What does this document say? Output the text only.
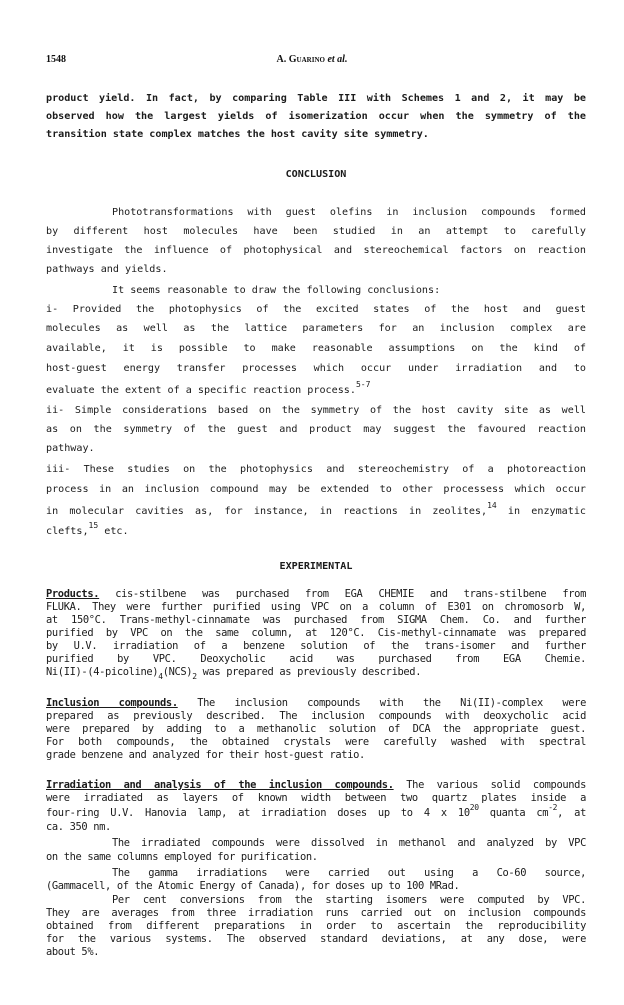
1548	A. Guarino et al.
product yield. In fact, by comparing Table III with Schemes 1 and 2, it may be
observed how the largest yields of isomerization occur when the symmetry of the
transition state complex matches the host cavity site symmetry.
CONCLUSION
Phototransformations with guest olefins in inclusion compounds formed
by different host molecules have been studied in an attempt to carefully
investigate the influence of photophysical and stereochemical factors on reaction
pathways and yields.
It seems reasonable to draw the following conclusions:
i- Provided the photophysics of the excited states of the host and guest
molecules as well as the lattice parameters for an inclusion complex are
available, it is possible to make reasonable assumptions on the kind of
host-guest energy transfer processes which occur under irradiation and to
evaluate the extent of a specific reaction process.$^{5-7}$
ii- Simple considerations based on the symmetry of the host cavity site as well
as on the symmetry of the guest and product may suggest the favoured reaction
pathway.
iii- These studies on the photophysics and stereochemistry of a photoreaction
process in an inclusion compound may be extended to other processess which occur
in molecular cavities as, for instance, in reactions in zeolites,$^{14}$ in enzymatic
clefts,$^{15}$ etc.
EXPERIMENTAL
Products. cis-stilbene was purchased from EGA CHEMIE and trans-stilbene from
FLUKA. They were further purified using VPC on a column of E301 on chromosorb W,
at 150°C. Trans-methyl-cinnamate was purchased from SIGMA Chem. Co. and further
purified by VPC on the same column, at 120°C. Cis-methyl-cinnamate was prepared
by U.V. irradiation of a benzene solution of the trans-isomer and further
purified by VPC. Deoxycholic acid was purchased from EGA Chemie.
$Ni(II)-(4-picoline)_4(NCS)_2$ was prepared as previously described.
Inclusion compounds. The inclusion compounds with the Ni(II)-complex were
prepared as previously described. The inclusion compounds with deoxycholic acid
were prepared by adding to a methanolic solution of DCA the appropriate guest.
For both compounds, the obtained crystals were carefully washed with spectral
grade benzene and analyzed for their host-guest ratio.
Irradiation and analysis of the inclusion compounds. The various solid compounds
were irradiated as layers of known width between two quartz plates inside a
four-ring U.V. Hanovia lamp, at irradiation doses up to 4 x $10^{20}$ quanta $cm^{-2}$, at
ca. 350 nm.
The irradiated compounds were dissolved in methanol and analyzed by VPC
on the same columns employed for purification.
The gamma irradiations were carried out using a Co-60 source,
(Gammacell, of the Atomic Energy of Canada), for doses up to 100 MRad.
Per cent conversions from the starting isomers were computed by VPC.
They are averages from three irradiation runs carried out on inclusion compounds
obtained from different preparations in order to ascertain the reproducibility
for the various systems. The observed standard deviations, at any dose, were
about 5%.
